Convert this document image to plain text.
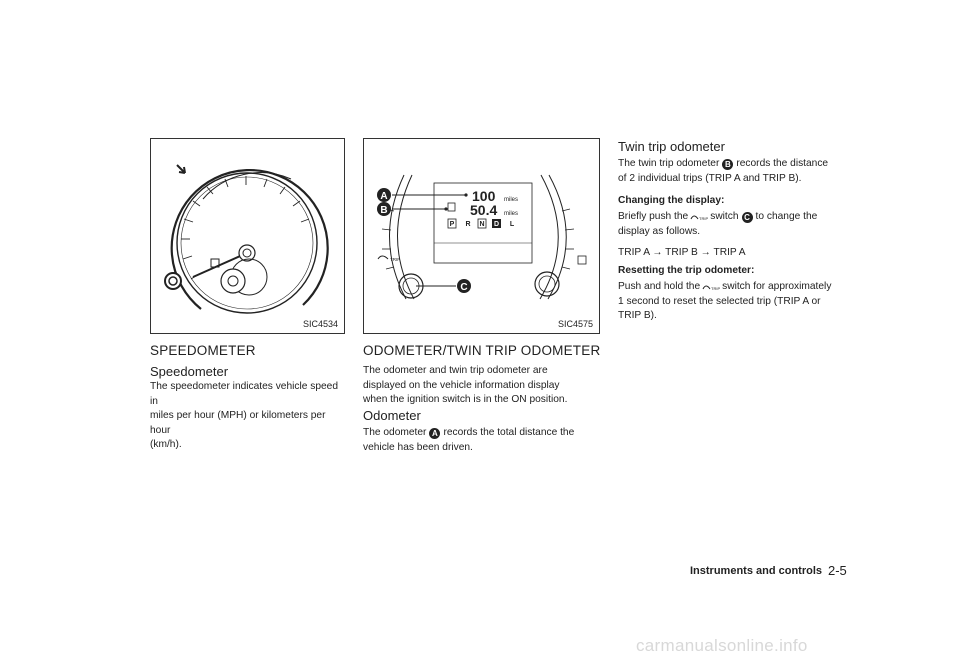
SIC4534
SPEEDOMETER
Speedometer

The speedometer indicates vehicle speed in
miles per hour (MPH) or kilometers per hour
(km/h).

A
B
C
100 miles
50.4 miles
P R N D L
TRIP
SIC4575
ODOMETER/TWIN TRIP ODOMETER

The odometer and twin trip odometer are
displayed on the vehicle information display
when the ignition switch is in the ON position.

Odometer

The odometer A records the total distance the
vehicle has been driven.

Twin trip odometer

The twin trip odometer B records the distance
of 2 individual trips (TRIP A and TRIP B).

Changing the display:

Briefly push the	TRIP switch C to change the
display as follows.

TRIP A → TRIP B → TRIP A

Resetting the trip odometer:

Push and hold the	TRIP switch for approximately
1 second to reset the selected trip (TRIP A or
TRIP B).

Instruments and controls 2-5
carmanualsonline.info
